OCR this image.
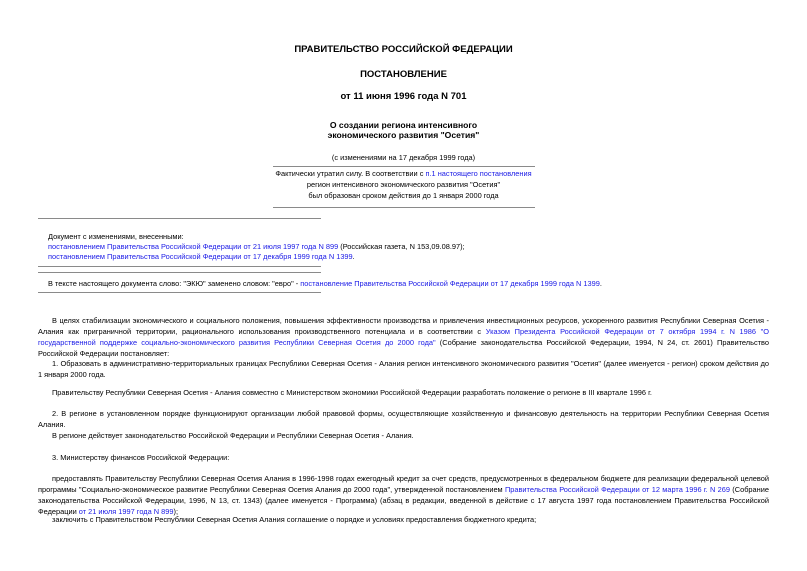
ПРАВИТЕЛЬСТВО РОССИЙСКОЙ ФЕДЕРАЦИИ
ПОСТАНОВЛЕНИЕ
от 11 июня 1996 года N 701
О создании региона интенсивного
экономического развития "Осетия"
(с изменениями на 17 декабря 1999 года)
Фактически утратил силу. В соответствии с п.1 настоящего постановления
регион интенсивного экономического развития "Осетия"
был образован сроком действия до 1 января 2000 года
Документ с изменениями, внесенными:
постановлением Правительства Российской Федерации от 21 июля 1997 года N 899 (Российская газета, N 153,09.08.97);
постановлением Правительства Российской Федерации от 17 декабря 1999 года N 1399.
В тексте настоящего документа слово: "ЭКЮ" заменено словом: "евро" - постановление Правительства Российской Федерации от 17 декабря 1999 года N 1399.
В целях стабилизации экономического и социального положения, повышения эффективности производства и привлечения инвестиционных ресурсов, ускоренного развития Республики Северная Осетия - Алания как приграничной территории, рационального использования производственного потенциала и в соответствии с Указом Президента Российской Федерации от 7 октября 1994 г. N 1986 "О государственной поддержке социально-экономического развития Республики Северная Осетия до 2000 года" (Собрание законодательства Российской Федерации, 1994, N 24, ст. 2601) Правительство Российской Федерации постановляет:
1. Образовать в административно-территориальных границах Республики Северная Осетия - Алания регион интенсивного экономического развития "Осетия" (далее именуется - регион) сроком действия до 1 января 2000 года.
Правительству Республики Северная Осетия - Алания совместно с Министерством экономики Российской Федерации разработать положение о регионе в III квартале 1996 г.
2. В регионе в установленном порядке функционируют организации любой правовой формы, осуществляющие хозяйственную и финансовую деятельность на территории Республики Северная Осетия Алания.
В регионе действует законодательство Российской Федерации и Республики Северная Осетия - Алания.
3. Министерству финансов Российской Федерации:
предоставлять Правительству Республики Северная Осетия Алания в 1996-1998 годах ежегодный кредит за счет средств, предусмотренных в федеральном бюджете для реализации федеральной целевой программы "Социально-экономическое развитие Республики Северная Осетия Алания до 2000 года", утвержденной постановлением Правительства Российской Федерации от 12 марта 1996 г. N 269 (Собрание законодательства Российской Федерации, 1996, N 13, ст. 1343) (далее именуется - Программа) (абзац в редакции, введенной в действие с 17 августа 1997 года постановлением Правительства Российской Федерации от 21 июля 1997 года N 899);
заключить с Правительством Республики Северная Осетия Алания соглашение о порядке и условиях предоставления бюджетного кредита;
